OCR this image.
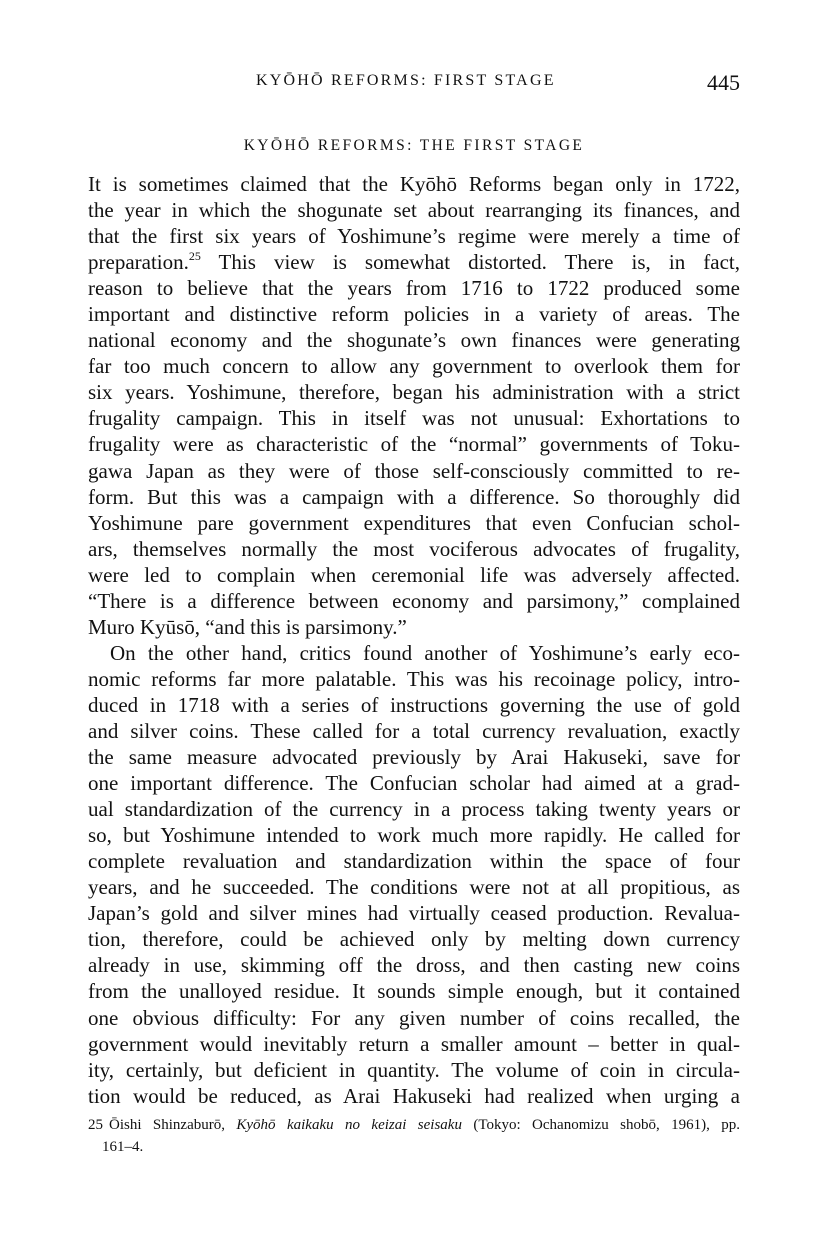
KYŌHŌ REFORMS: FIRST STAGE	445
KYŌHŌ REFORMS: THE FIRST STAGE
It is sometimes claimed that the Kyōhō Reforms began only in 1722,
the year in which the shogunate set about rearranging its finances, and
that the first six years of Yoshimune’s regime were merely a time of
preparation.$^{25}$ This view is somewhat distorted. There is, in fact,
reason to believe that the years from 1716 to 1722 produced some
important and distinctive reform policies in a variety of areas. The
national economy and the shogunate’s own finances were generating
far too much concern to allow any government to overlook them for
six years. Yoshimune, therefore, began his administration with a strict
frugality campaign. This in itself was not unusual: Exhortations to
frugality were as characteristic of the “normal” governments of Toku-
gawa Japan as they were of those self-consciously committed to re-
form. But this was a campaign with a difference. So thoroughly did
Yoshimune pare government expenditures that even Confucian schol-
ars, themselves normally the most vociferous advocates of frugality,
were led to complain when ceremonial life was adversely affected.
“There is a difference between economy and parsimony,” complained
Muro Kyūsō, “and this is parsimony.”
On the other hand, critics found another of Yoshimune’s early eco-
nomic reforms far more palatable. This was his recoinage policy, intro-
duced in 1718 with a series of instructions governing the use of gold
and silver coins. These called for a total currency revaluation, exactly
the same measure advocated previously by Arai Hakuseki, save for
one important difference. The Confucian scholar had aimed at a grad-
ual standardization of the currency in a process taking twenty years or
so, but Yoshimune intended to work much more rapidly. He called for
complete revaluation and standardization within the space of four
years, and he succeeded. The conditions were not at all propitious, as
Japan’s gold and silver mines had virtually ceased production. Revalua-
tion, therefore, could be achieved only by melting down currency
already in use, skimming off the dross, and then casting new coins
from the unalloyed residue. It sounds simple enough, but it contained
one obvious difficulty: For any given number of coins recalled, the
government would inevitably return a smaller amount – better in qual-
ity, certainly, but deficient in quantity. The volume of coin in circula-
tion would be reduced, as Arai Hakuseki had realized when urging a
25 Ōishi Shinzaburō, Kyōhō kaikaku no keizai seisaku (Tokyo: Ochanomizu shobō, 1961), pp.
161–4.
